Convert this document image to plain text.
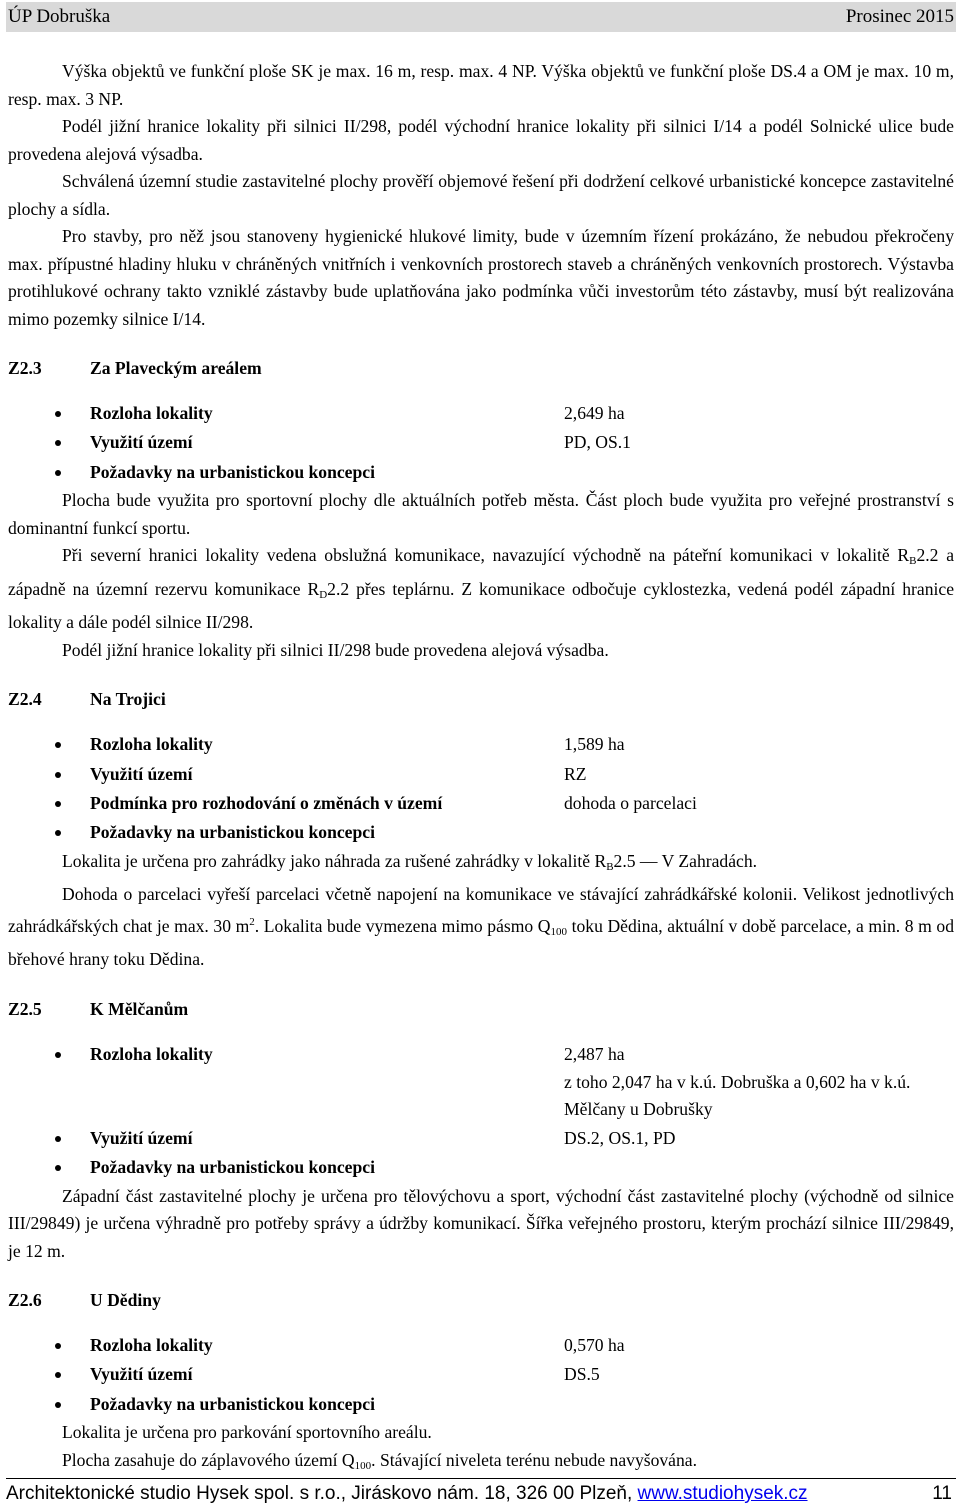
ÚP Dobruška	Prosinec 2015

Výška objektů ve funkční ploše SK je max. 16 m, resp. max. 4 NP. Výška objektů ve funkční ploše DS.4 a OM je max. 10 m, resp. max. 3 NP.

Podél jižní hranice lokality při silnici II/298, podél východní hranice lokality při silnici I/14 a podél Solnické ulice bude provedena alejová výsadba.

Schválená územní studie zastavitelné plochy prověří objemové řešení při dodržení celkové urbanistické koncepce zastavitelné plochy a sídla.

Pro stavby, pro něž jsou stanoveny hygienické hlukové limity, bude v územním řízení prokázáno, že nebudou překročeny max. přípustné hladiny hluku v chráněných vnitřních i venkovních prostorech staveb a chráněných venkovních prostorech. Výstavba protihlukové ochrany takto vzniklé zástavby bude uplatňována jako podmínka vůči investorům této zástavby, musí být realizována mimo pozemky silnice I/14.

Z2.3	Za Plaveckým areálem
Rozloha lokality	2,649 ha
Využití území	PD, OS.1
Požadavky na urbanistickou koncepci

Plocha bude využita pro sportovní plochy dle aktuálních potřeb města. Část ploch bude využita pro veřejné prostranství s dominantní funkcí sportu.

Při severní hranici lokality vedena obslužná komunikace, navazující východně na páteřní komunikaci v lokalitě $R_B2.2$ a západně na územní rezervu komunikace $R_D2.2$ přes teplárnu. Z komunikace odbočuje cyklostezka, vedená podél západní hranice lokality a dále podél silnice II/298.

Podél jižní hranice lokality při silnici II/298 bude provedena alejová výsadba.

Z2.4	Na Trojici
Rozloha lokality	1,589 ha
Využití území	RZ
Podmínka pro rozhodování o změnách v území	dohoda o parcelaci
Požadavky na urbanistickou koncepci

Lokalita je určena pro zahrádky jako náhrada za rušené zahrádky v lokalitě $R_B2.5$ — V Zahradách.

Dohoda o parcelaci vyřeší parcelaci včetně napojení na komunikace ve stávající zahrádkářské kolonii. Velikost jednotlivých zahrádkářských chat je max. 30 $m^2$. Lokalita bude vymezena mimo pásmo $Q_{100}$ toku Dědina, aktuální v době parcelace, a min. 8 m od břehové hrany toku Dědina.

Z2.5	K Mělčanům
Rozloha lokality	2,487 ha
z toho 2,047 ha v k.ú. Dobruška a 0,602 ha v k.ú. Mělčany u Dobrušky
Využití území	DS.2, OS.1, PD
Požadavky na urbanistickou koncepci

Západní část zastavitelné plochy je určena pro tělovýchovu a sport, východní část zastavitelné plochy (východně od silnice III/29849) je určena výhradně pro potřeby správy a údržby komunikací. Šířka veřejného prostoru, kterým prochází silnice III/29849, je 12 m.

Z2.6	U Dědiny
Rozloha lokality	0,570 ha
Využití území	DS.5
Požadavky na urbanistickou koncepci

Lokalita je určena pro parkování sportovního areálu.

Plocha zasahuje do záplavového území $Q_{100}$. Stávající niveleta terénu nebude navyšována.

Architektonické studio Hysek spol. s r.o., Jiráskovo nám. 18, 326 00 Plzeň, www.studiohysek.cz	11
